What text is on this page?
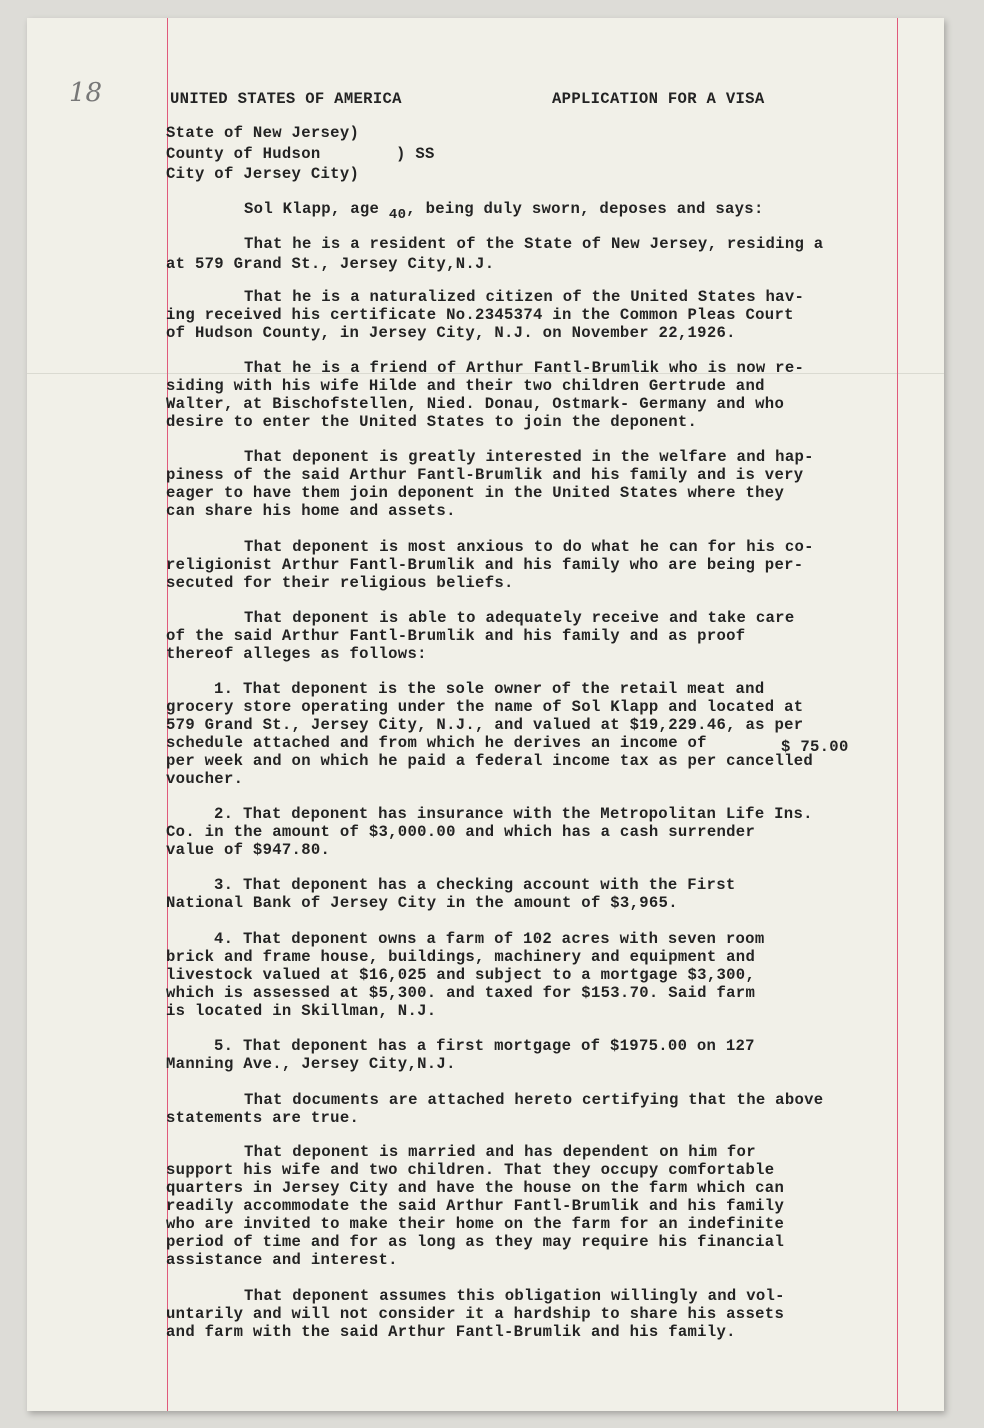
18	UNITED STATES OF AMERICA	APPLICATION FOR A VISA
State of New Jersey)
County of Hudson	) SS
City of Jersey City)
Sol Klapp, age 40, being duly sworn, deposes and says:
That he is a resident of the State of New Jersey, residing a
at 579 Grand St., Jersey City,N.J.
That he is a naturalized citizen of the United States hav-
ing received his certificate No.2345374 in the Common Pleas Court
of Hudson County, in Jersey City, N.J. on November 22,1926.
That he is a friend of Arthur Fantl-Brumlik who is now re-
siding with his wife Hilde and their two children Gertrude and
Walter, at Bischofstellen, Nied. Donau, Ostmark- Germany and who
desire to enter the United States to join the deponent.
That deponent is greatly interested in the welfare and hap-
piness of the said Arthur Fantl-Brumlik and his family and is very
eager to have them join deponent in the United States where they
can share his home and assets.
That deponent is most anxious to do what he can for his co-
religionist Arthur Fantl-Brumlik and his family who are being per-
secuted for their religious beliefs.
That deponent is able to adequately receive and take care
of the said Arthur Fantl-Brumlik and his family and as proof
thereof alleges as follows:
1. That deponent is the sole owner of the retail meat and
grocery store operating under the name of Sol Klapp and located at
579 Grand St., Jersey City, N.J., and valued at $19,229.46, as per
schedule attached and from which he derives an income of	$ 75.00
per week and on which he paid a federal income tax as per cancelled
voucher.
2. That deponent has insurance with the Metropolitan Life Ins.
Co. in the amount of $3,000.00 and which has a cash surrender
value of $947.80.
3. That deponent has a checking account with the First
National Bank of Jersey City in the amount of $3,965.
4. That deponent owns a farm of 102 acres with seven room
brick and frame house, buildings, machinery and equipment and
livestock valued at $16,025 and subject to a mortgage $3,300,
which is assessed at $5,300. and taxed for $153.70. Said farm
is located in Skillman, N.J.
5. That deponent has a first mortgage of $1975.00 on 127
Manning Ave., Jersey City,N.J.
That documents are attached hereto certifying that the above
statements are true.
That deponent is married and has dependent on him for
support his wife and two children. That they occupy comfortable
quarters in Jersey City and have the house on the farm which can
readily accommodate the said Arthur Fantl-Brumlik and his family
who are invited to make their home on the farm for an indefinite
period of time and for as long as they may require his financial
assistance and interest.
That deponent assumes this obligation willingly and vol-
untarily and will not consider it a hardship to share his assets
and farm with the said Arthur Fantl-Brumlik and his family.
